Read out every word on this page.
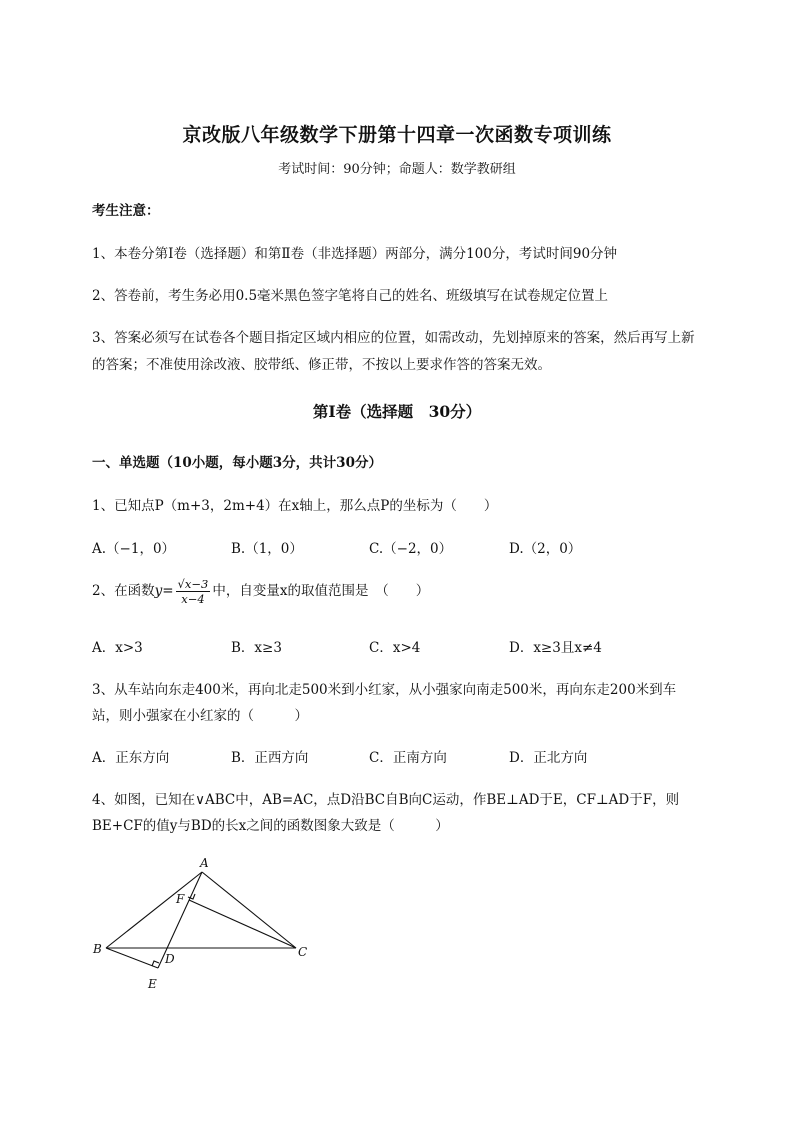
京改版八年级数学下册第十四章一次函数专项训练
考试时间：90分钟；命题人：数学教研组
考生注意：
1、本卷分第I卷（选择题）和第Ⅱ卷（非选择题）两部分，满分100分，考试时间90分钟
2、答卷前，考生务必用0.5毫米黑色签字笔将自己的姓名、班级填写在试卷规定位置上
3、答案必须写在试卷各个题目指定区域内相应的位置，如需改动，先划掉原来的答案，然后再写上新
的答案；不准使用涂改液、胶带纸、修正带，不按以上要求作答的答案无效。
第I卷（选择题　30分）
一、单选题（10小题，每小题3分，共计30分）
1、已知点P（m+3，2m+4）在x轴上，那么点P的坐标为（　　）
A.（−1，0）	B.（1，0）	C.（−2，0）	D.（2，0）
2、在函数$y= \frac{√x-3}{x-4}$ 中，自变量x的取值范围是　（　　）
A．x>3	B．x≥3	C．x>4	D．x≥3且x≠4
3、从车站向东走400米，再向北走500米到小红家，从小强家向南走500米，再向东走200米到车
站，则小强家在小红家的（　　　）
A．正东方向	B．正西方向	C．正南方向	D．正北方向
4、如图，已知在∨ABC中，AB=AC，点D沿BC自B向C运动，作BE⊥AD于E，CF⊥AD于F，则
BE+CF的值y与BD的长x之间的函数图象大致是（　　　）
A
B	C
D
E
F
